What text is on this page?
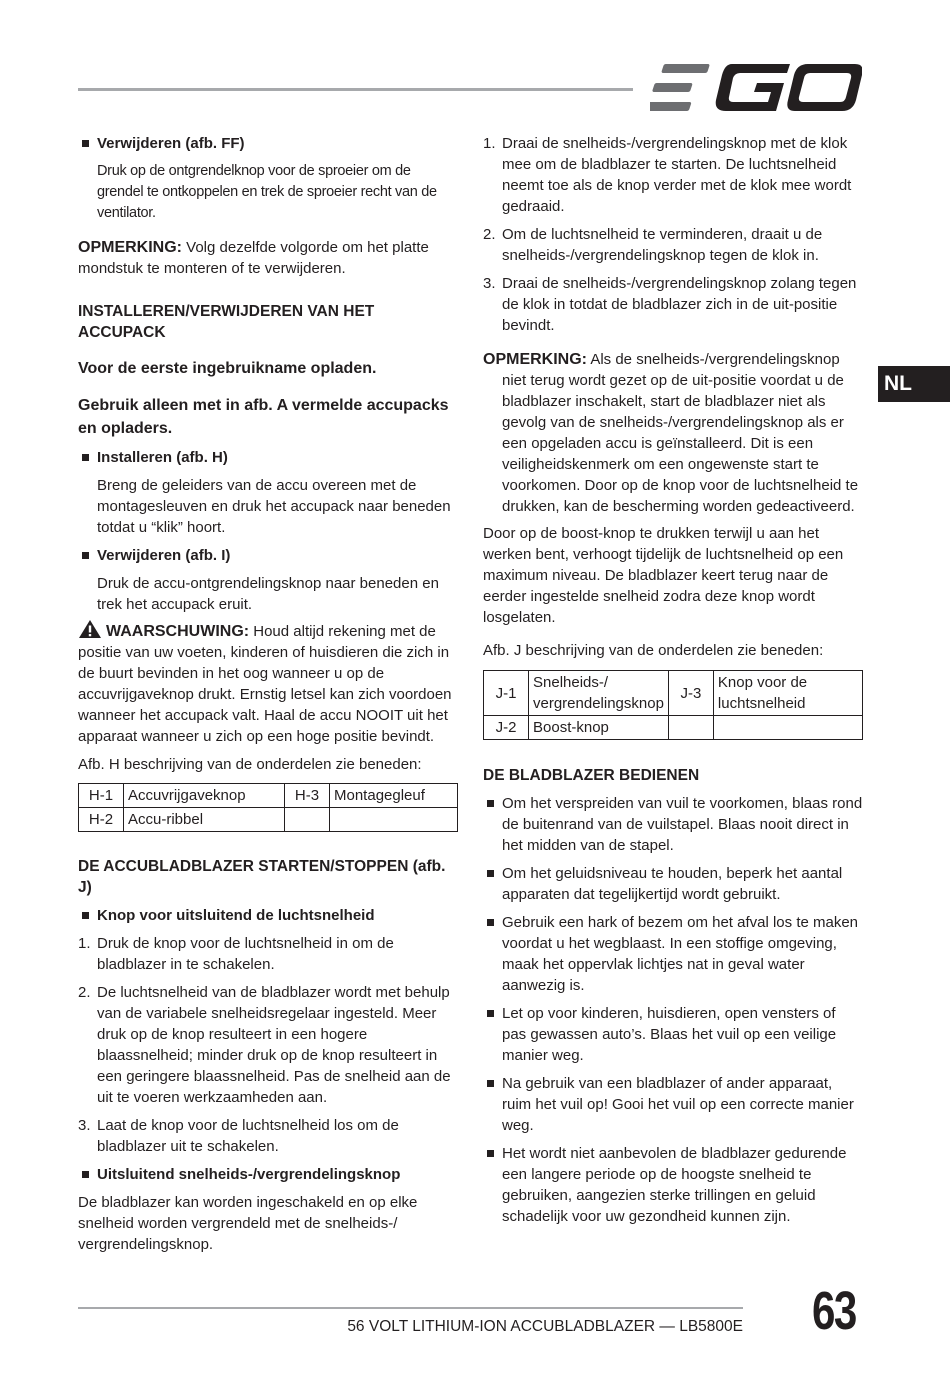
NL

Verwijderen (afb. FF)

Druk op de ontgrendelknop voor de sproeier om de grendel te ontkoppelen en trek de sproeier recht van de ventilator.

OPMERKING: Volg dezelfde volgorde om het platte mondstuk te monteren of te verwijderen.

INSTALLEREN/VERWIJDEREN VAN HET ACCUPACK

Voor de eerste ingebruikname opladen.

Gebruik alleen met in afb. A vermelde accupacks en opladers.

Installeren (afb. H)

Breng de geleiders van de accu overeen met de montagesleuven en druk het accupack naar beneden totdat u “klik” hoort.

Verwijderen (afb. I)

Druk de accu-ontgrendelingsknop naar beneden en trek het accupack eruit.

WAARSCHUWING: Houd altijd rekening met de positie van uw voeten, kinderen of huisdieren die zich in de buurt bevinden in het oog wanneer u op de accuvrijgaveknop drukt. Ernstig letsel kan zich voordoen wanneer het accupack valt. Haal de accu NOOIT uit het apparaat wanneer u zich op een hoge positie bevindt.

Afb. H beschrijving van de onderdelen zie beneden:

H-1	Accuvrijgaveknop	H-3	Montagegleuf
H-2	Accu-ribbel		

DE ACCUBLADBLAZER STARTEN/STOPPEN (afb. J)

Knop voor uitsluitend de luchtsnelheid

1. Druk de knop voor de luchtsnelheid in om de bladblazer in te schakelen.

2. De luchtsnelheid van de bladblazer wordt met behulp van de variabele snelheidsregelaar ingesteld. Meer druk op de knop resulteert in een hogere blaassnelheid; minder druk op de knop resulteert in een geringere blaassnelheid. Pas de snelheid aan de uit te voeren werkzaamheden aan.

3. Laat de knop voor de luchtsnelheid los om de bladblazer uit te schakelen.

Uitsluitend snelheids-/vergrendelingsknop

De bladblazer kan worden ingeschakeld en op elke snelheid worden vergrendeld met de snelheids-/ vergrendelingsknop.

1. Draai de snelheids-/vergrendelingsknop met de klok mee om de bladblazer te starten. De luchtsnelheid neemt toe als de knop verder met de klok mee wordt gedraaid.

2. Om de luchtsnelheid te verminderen, draait u de snelheids-/vergrendelingsknop tegen de klok in.

3. Draai de snelheids-/vergrendelingsknop zolang tegen de klok in totdat de bladblazer zich in de uit-positie bevindt.

OPMERKING: Als de snelheids-/vergrendelingsknop niet terug wordt gezet op de uit-positie voordat u de bladblazer inschakelt, start de bladblazer niet als gevolg van de snelheids-/vergrendelingsknop als er een opgeladen accu is geïnstalleerd. Dit is een veiligheidskenmerk om een ongewenste start te voorkomen. Door op de knop voor de luchtsnelheid te drukken, kan de bescherming worden gedeactiveerd.

Door op de boost-knop te drukken terwijl u aan het werken bent, verhoogt tijdelijk de luchtsnelheid op een maximum niveau. De bladblazer keert terug naar de eerder ingestelde snelheid zodra deze knop wordt losgelaten.

Afb. J beschrijving van de onderdelen zie beneden:

J-1	Snelheids-/ vergrendelingsknop	J-3	Knop voor de luchtsnelheid
J-2	Boost-knop		

DE BLADBLAZER BEDIENEN

Om het verspreiden van vuil te voorkomen, blaas rond de buitenrand van de vuilstapel. Blaas nooit direct in het midden van de stapel.

Om het geluidsniveau te houden, beperk het aantal apparaten dat tegelijkertijd wordt gebruikt.

Gebruik een hark of bezem om het afval los te maken voordat u het wegblaast. In een stoffige omgeving, maak het oppervlak lichtjes nat in geval water aanwezig is.

Let op voor kinderen, huisdieren, open vensters of pas gewassen auto’s. Blaas het vuil op een veilige manier weg.

Na gebruik van een bladblazer of ander apparaat, ruim het vuil op! Gooi het vuil op een correcte manier weg.

Het wordt niet aanbevolen de bladblazer gedurende een langere periode op de hoogste snelheid te gebruiken, aangezien sterke trillingen en geluid schadelijk voor uw gezondheid kunnen zijn.

56 VOLT LITHIUM-ION ACCUBLADBLAZER — LB5800E 63
